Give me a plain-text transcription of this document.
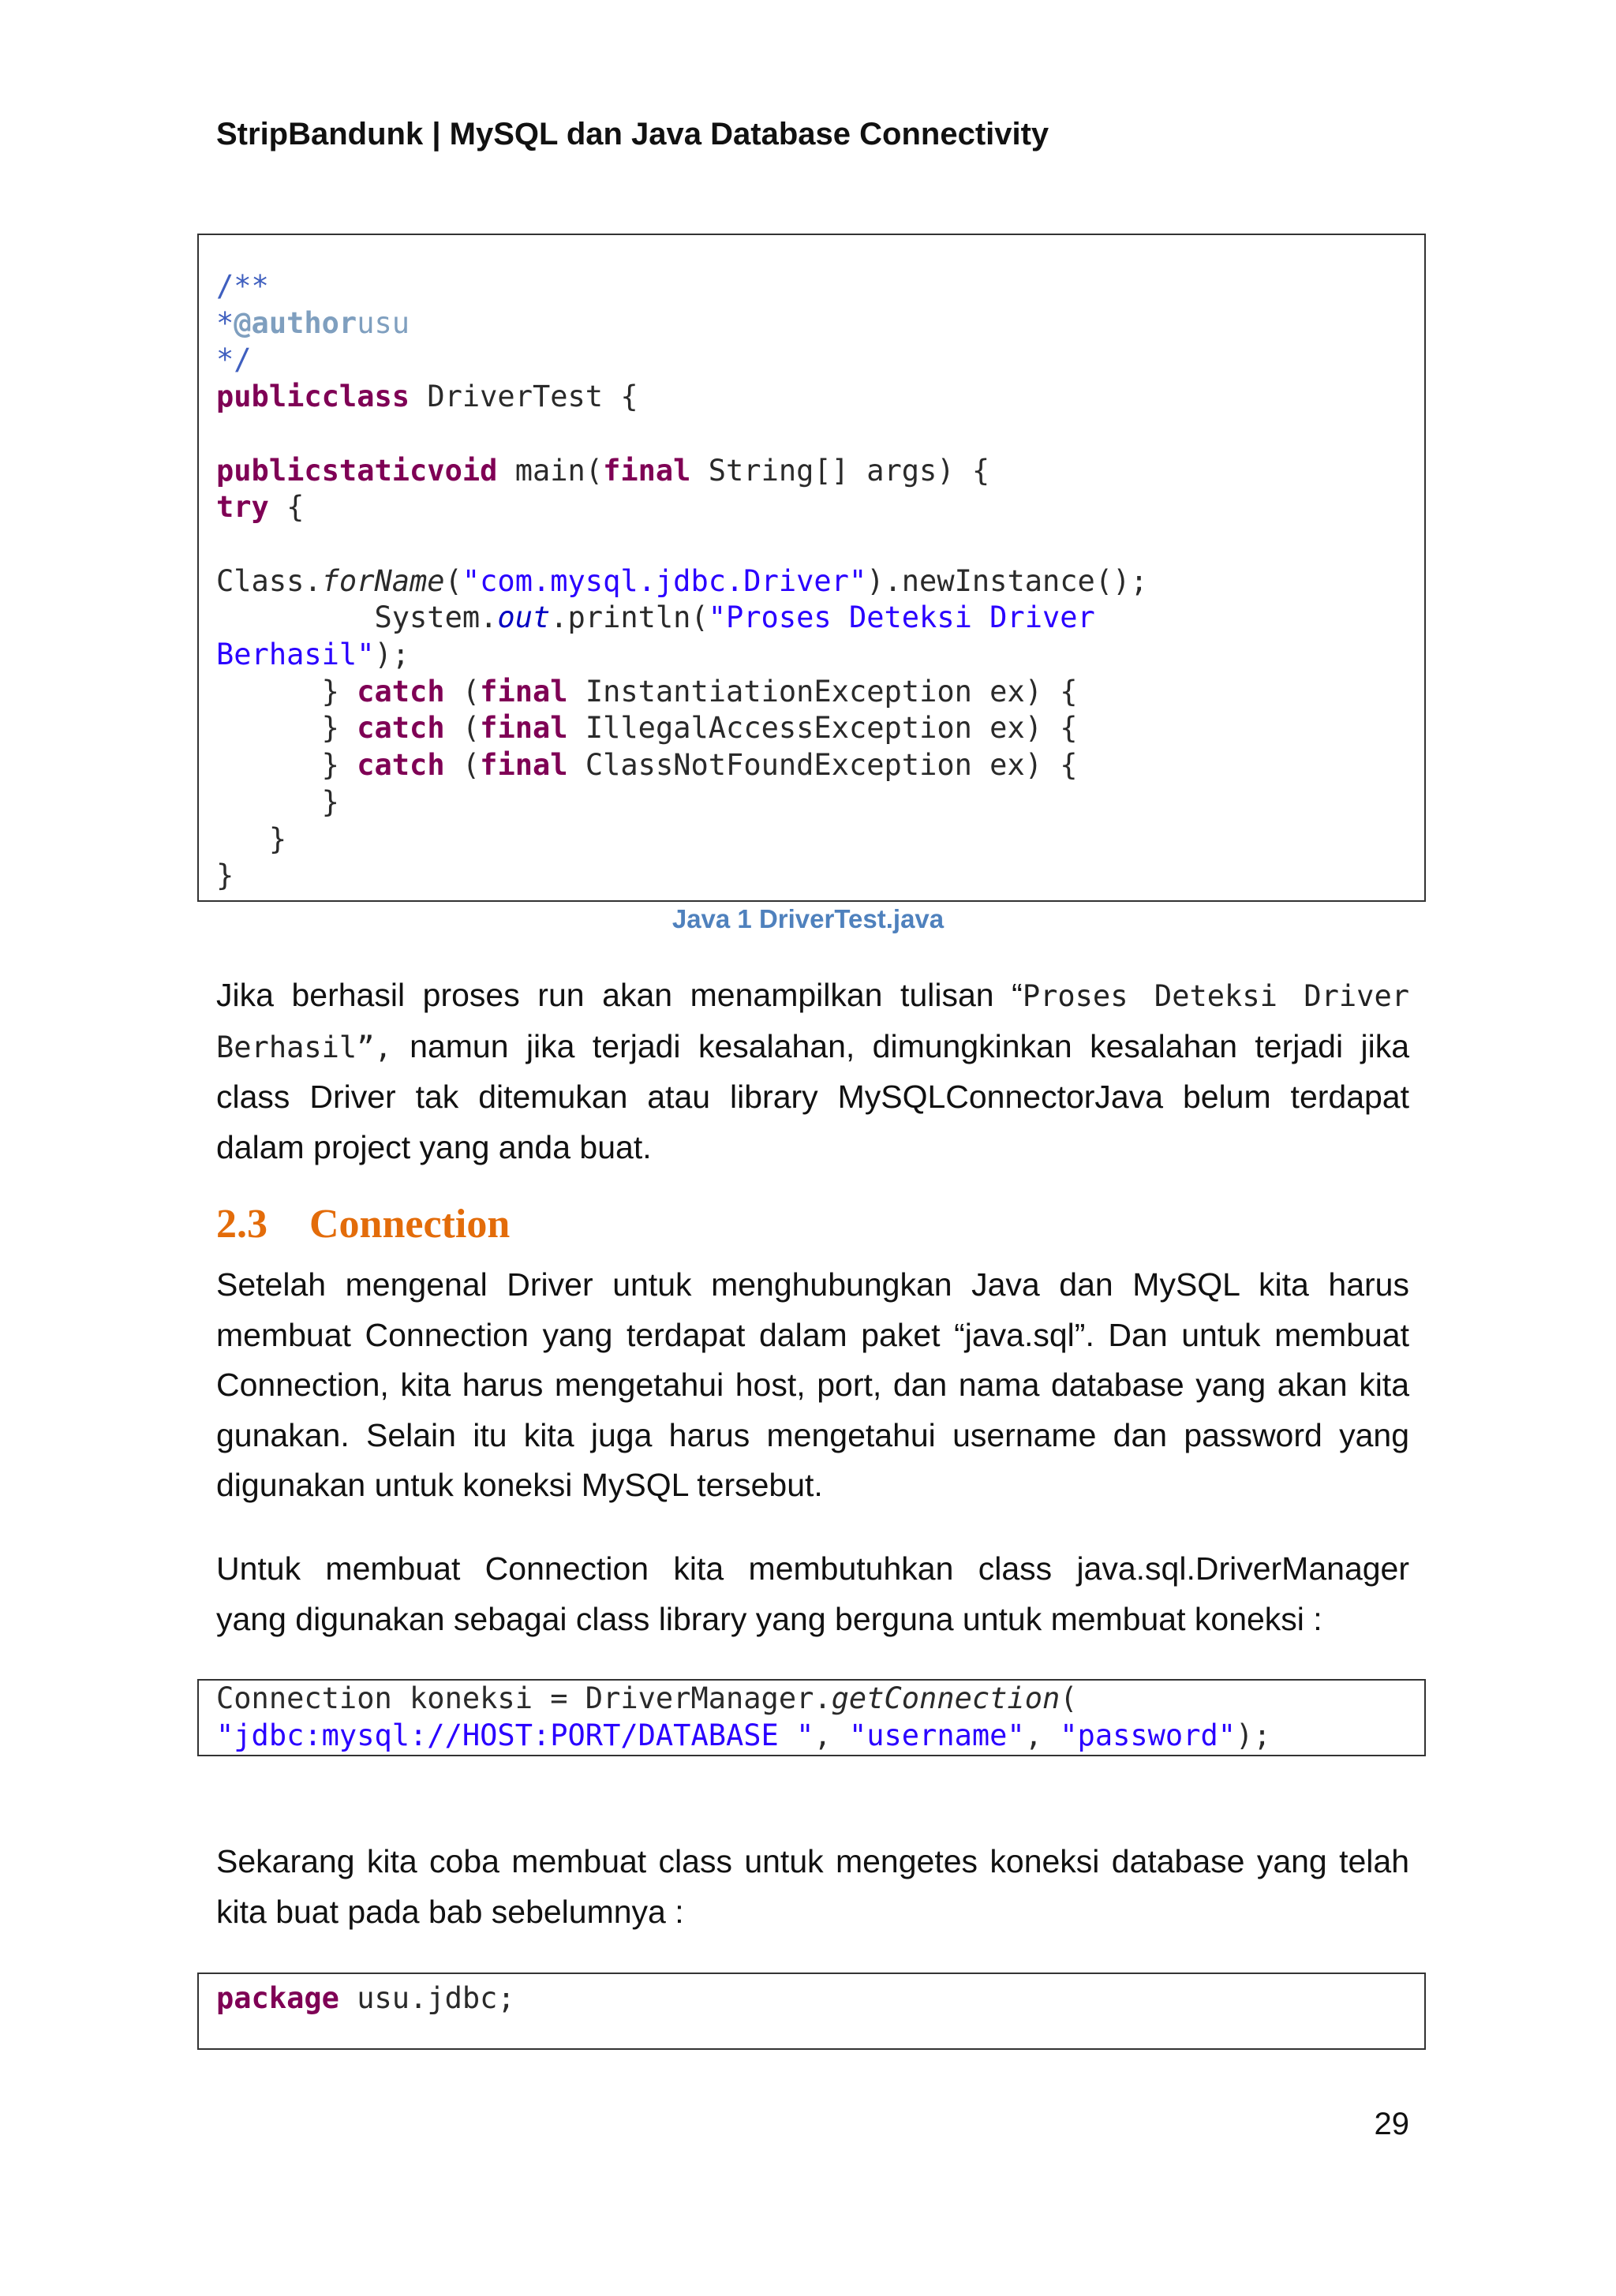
StripBandunk | MySQL dan Java Database Connectivity
/**
*@authorusu
*/
publicclass DriverTest {

publicstaticvoid main(final String[] args) {
try {

Class.forName("com.mysql.jdbc.Driver").newInstance();
System.out.println("Proses Deteksi Driver
Berhasil");
} catch (final InstantiationException ex) {
} catch (final IllegalAccessException ex) {
} catch (final ClassNotFoundException ex) {
}
}
}
Java 1 DriverTest.java
Jika berhasil proses run akan menampilkan tulisan “Proses Deteksi Driver
Berhasil”, namun jika terjadi kesalahan, dimungkinkan kesalahan terjadi jika
class Driver tak ditemukan atau library MySQLConnectorJava belum terdapat
dalam project yang anda buat.
2.3 Connection
Setelah mengenal Driver untuk menghubungkan Java dan MySQL kita harus
membuat Connection yang terdapat dalam paket “java.sql”. Dan untuk membuat
Connection, kita harus mengetahui host, port, dan nama database yang akan kita
gunakan. Selain itu kita juga harus mengetahui username dan password yang
digunakan untuk koneksi MySQL tersebut.
Untuk membuat Connection kita membutuhkan class java.sql.DriverManager
yang digunakan sebagai class library yang berguna untuk membuat koneksi :
Connection koneksi = DriverManager.getConnection(
"jdbc:mysql://HOST:PORT/DATABASE ", "username", "password");
Sekarang kita coba membuat class untuk mengetes koneksi database yang telah
kita buat pada bab sebelumnya :
package usu.jdbc;
29
